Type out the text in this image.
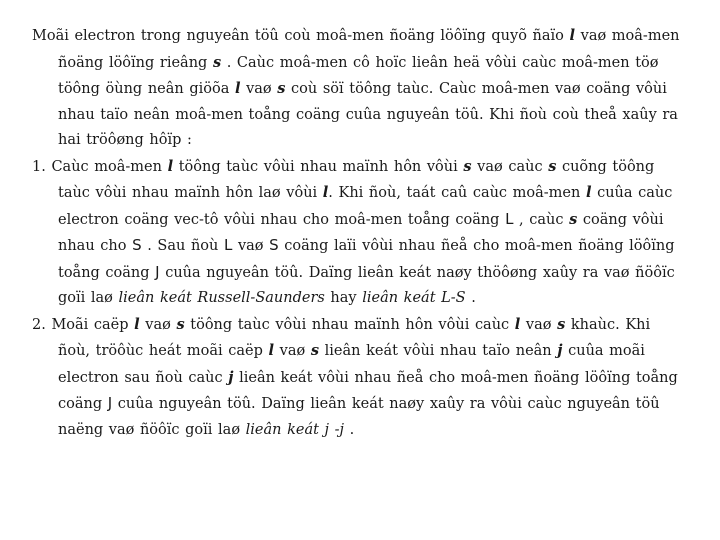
Moãi electron trong nguyeân töû coù moâ-men ñoäng löôïng quyõ ñaïo l vaø moâ-men ñoäng löôïng rieâng s . Caùc moâ-men cô hoïc lieân heä vôùi caùc moâ-men töø töông öùng neân giöõa l vaø s coù söï töông taùc. Caùc moâ-men vaø coäng vôùi nhau taïo neân moâ-men toång coäng cuûa nguyeân töû. Khi ñoù coù theå xaûy ra hai tröôøng hôïp :

1. Caùc moâ-men l töông taùc vôùi nhau maïnh hôn vôùi s vaø caùc s cuõng töông taùc vôùi nhau maïnh hôn laø vôùi l. Khi ñoù, taát caû caùc moâ-men l cuûa caùc electron coäng vec-tô vôùi nhau cho moâ-men toång coäng L , caùc s coäng vôùi nhau cho S . Sau ñoù L vaø S coäng laïi vôùi nhau ñeå cho moâ-men ñoäng löôïng toång coäng J cuûa nguyeân töû. Daïng lieân keát naøy thöôøng xaûy ra vaø ñöôïc goïi laø lieân keát Russell-Saunders hay lieân keát L-S .

2. Moãi caëp l vaø s töông taùc vôùi nhau maïnh hôn vôùi caùc l vaø s khaùc. Khi ñoù, tröôùc heát moãi caëp l vaø s lieân keát vôùi nhau taïo neân j cuûa moãi electron sau ñoù caùc j lieân keát vôùi nhau ñeå cho moâ-men ñoäng löôïng toång coäng J cuûa nguyeân töû. Daïng lieân keát naøy xaûy ra vôùi caùc nguyeân töû naëng vaø ñöôïc goïi laø lieân keát j -j .
